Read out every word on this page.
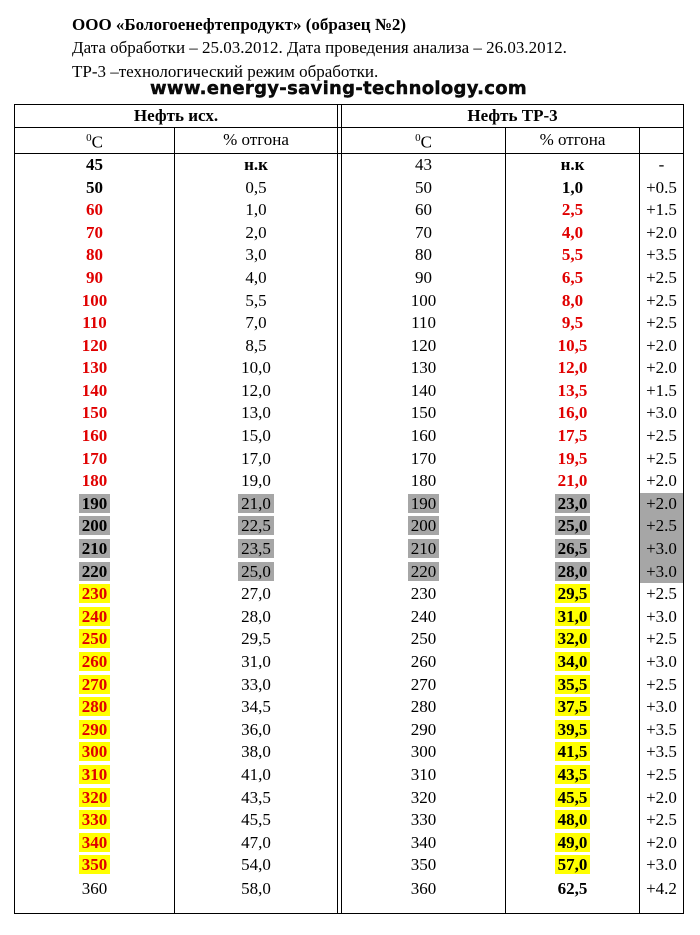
ООО «Бологоенефтепродукт» (образец №2)
Дата обработки – 25.03.2012. Дата проведения анализа – 26.03.2012.
ТР-3 –технологический режим обработки.
www.energy-saving-technology.com
Нефть исх.			Нефть ТР-3		
$^0$C	% отгона		$^0$C	% отгона	
45	н.к		43	н.к	-
50	0,5		50	1,0	+0.5
60	1,0		60	2,5	+1.5
70	2,0		70	4,0	+2.0
80	3,0		80	5,5	+3.5
90	4,0		90	6,5	+2.5
100	5,5		100	8,0	+2.5
110	7,0		110	9,5	+2.5
120	8,5		120	10,5	+2.0
130	10,0		130	12,0	+2.0
140	12,0		140	13,5	+1.5
150	13,0		150	16,0	+3.0
160	15,0		160	17,5	+2.5
170	17,0		170	19,5	+2.5
180	19,0		180	21,0	+2.0
190	21,0		190	23,0	+2.0
200	22,5		200	25,0	+2.5
210	23,5		210	26,5	+3.0
220	25,0		220	28,0	+3.0
230	27,0		230	29,5	+2.5
240	28,0		240	31,0	+3.0
250	29,5		250	32,0	+2.5
260	31,0		260	34,0	+3.0
270	33,0		270	35,5	+2.5
280	34,5		280	37,5	+3.0
290	36,0		290	39,5	+3.5
300	38,0		300	41,5	+3.5
310	41,0		310	43,5	+2.5
320	43,5		320	45,5	+2.0
330	45,5		330	48,0	+2.5
340	47,0		340	49,0	+2.0
350	54,0		350	57,0	+3.0
360	58,0		360	62,5	+4.2
